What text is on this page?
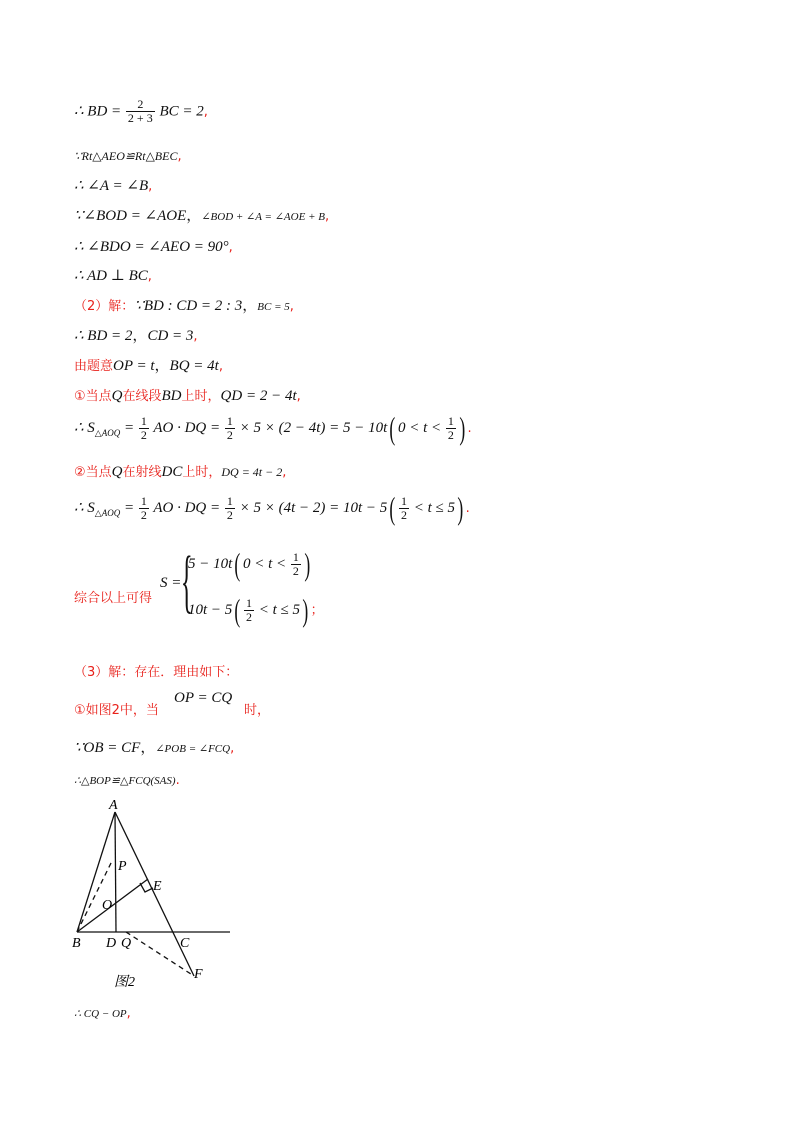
∴ BD = $\frac{2}{2 + 3}$ BC = 2,
∵Rt△AEO≌Rt△BEC,
∴ ∠A = ∠B,
∵∠BOD = ∠AOE，∠BOD + ∠A = ∠AOE + B,
∴ ∠BDO = ∠AEO = 90°,
∴ AD ⊥ BC,
（2）解：∵BD : CD = 2 : 3，BC = 5,
∴ BD = 2，CD = 3,
由题意OP = t，BQ = 4t,
①当点Q在线段BD上时，QD = 2 − 4t,
∴ $S_{\triangle AOQ} = \frac{1}{2}$ AO · DQ = $\frac{1}{2} \times 5 \times (2 - 4t) = 5 - 10t$( $0 < t < \frac{1}{2}$ ) .
②当点Q在射线DC上时，DQ = 4t − 2,
∴ $S_{\triangle AOQ} = \frac{1}{2}$ AO · DQ = $\frac{1}{2} \times 5 \times (4t - 2) = 10t - 5( \frac{1}{2} < t \le 5)$ .
综合以上可得
S = {
5 − 10t( $0 < t < \frac{1}{2}$ )
$10t - 5( \frac{1}{2} < t \le 5)$ ；
（3）解：存在．理由如下：
①如图2中，当
OP = CQ
时，
∵OB = CF，∠POB = ∠FCQ,
∴△BOP≌△FCQ(SAS).
A
P
E
O
B D Q	C
F
图2
∴ CQ − OP,
